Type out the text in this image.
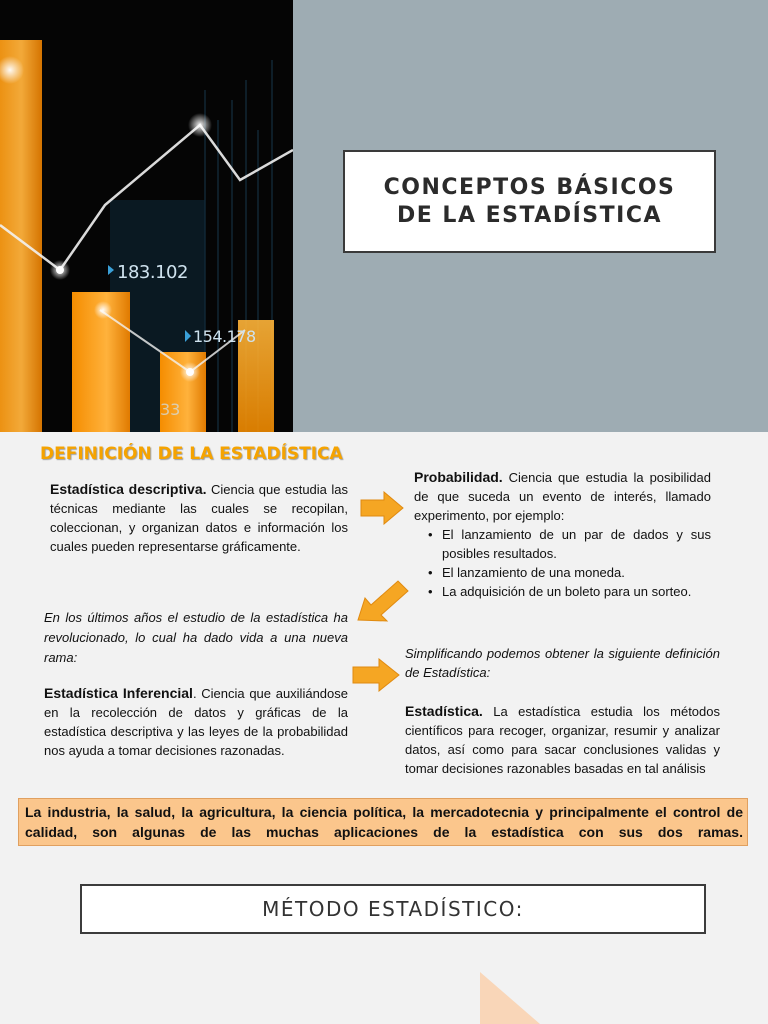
183.102
154.178
33
CONCEPTOS BÁSICOS
DE LA ESTADÍSTICA
DEFINICIÓN DE LA ESTADÍSTICA
Estadística descriptiva. Ciencia que estudia las técnicas mediante las cuales se recopilan, coleccionan, y organizan datos e información los cuales pueden representarse gráficamente.
En los últimos años el estudio de la estadística ha revolucionado, lo cual ha dado vida a una nueva rama:
Estadística Inferencial. Ciencia que auxiliándose en la recolección de datos y gráficas de la estadística descriptiva y las leyes de la probabilidad nos ayuda a tomar decisiones razonadas.
Probabilidad. Ciencia que estudia la posibilidad de que suceda un evento de interés, llamado experimento, por ejemplo:
• El lanzamiento de un par de dados y sus posibles resultados.
• El lanzamiento de una moneda.
• La adquisición de un boleto para un sorteo.
Simplificando podemos obtener la siguiente definición de Estadística:
Estadística. La estadística estudia los métodos científicos para recoger, organizar, resumir y analizar datos, así como para sacar conclusiones validas y tomar decisiones razonables basadas en tal análisis
La industria, la salud, la agricultura, la ciencia política, la mercadotecnia y principalmente el control de calidad, son algunas de las muchas aplicaciones de la estadística con sus dos ramas.
MÉTODO ESTADÍSTICO:
